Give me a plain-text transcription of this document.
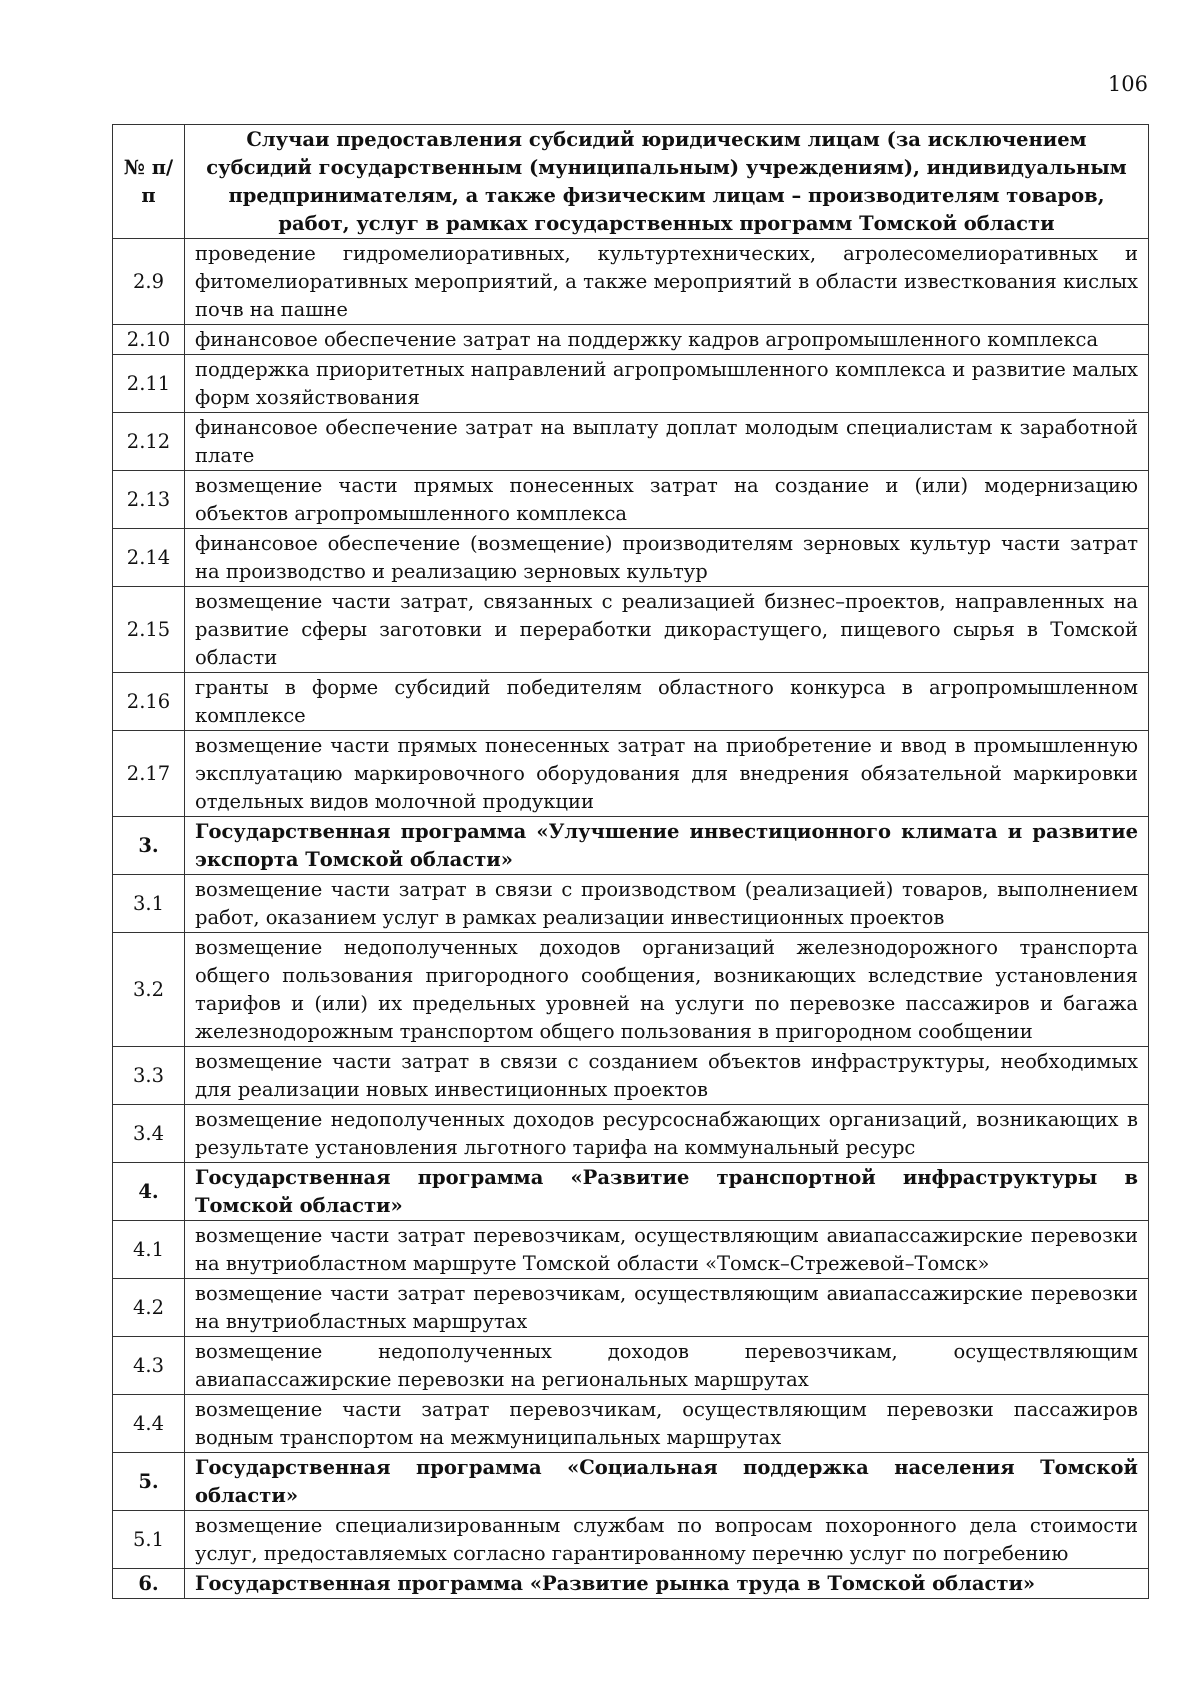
106
№ п/п	Случаи предоставления субсидий юридическим лицам (за исключением субсидий государственным (муниципальным) учреждениям), индивидуальным предпринимателям, а также физическим лицам – производителям товаров, работ, услуг в рамках государственных программ Томской области
2.9	проведение гидромелиоративных, культуртехнических, агролесомелиоративных и фитомелиоративных мероприятий, а также мероприятий в области известкования кислых почв на пашне
2.10	финансовое обеспечение затрат на поддержку кадров агропромышленного комплекса
2.11	поддержка приоритетных направлений агропромышленного комплекса и развитие малых форм хозяйствования
2.12	финансовое обеспечение затрат на выплату доплат молодым специалистам к заработной плате
2.13	возмещение части прямых понесенных затрат на создание и (или) модернизацию объектов агропромышленного комплекса
2.14	финансовое обеспечение (возмещение) производителям зерновых культур части затрат на производство и реализацию зерновых культур
2.15	возмещение части затрат, связанных с реализацией бизнес–проектов, направленных на развитие сферы заготовки и переработки дикорастущего, пищевого сырья в Томской области
2.16	гранты в форме субсидий победителям областного конкурса в агропромышленном комплексе
2.17	возмещение части прямых понесенных затрат на приобретение и ввод в промышленную эксплуатацию маркировочного оборудования для внедрения обязательной маркировки отдельных видов молочной продукции
3.	Государственная программа «Улучшение инвестиционного климата и развитие экспорта Томской области»
3.1	возмещение части затрат в связи с производством (реализацией) товаров, выполнением работ, оказанием услуг в рамках реализации инвестиционных проектов
3.2	возмещение недополученных доходов организаций железнодорожного транспорта общего пользования пригородного сообщения, возникающих вследствие установления тарифов и (или) их предельных уровней на услуги по перевозке пассажиров и багажа железнодорожным транспортом общего пользования в пригородном сообщении
3.3	возмещение части затрат в связи с созданием объектов инфраструктуры, необходимых для реализации новых инвестиционных проектов
3.4	возмещение недополученных доходов ресурсоснабжающих организаций, возникающих в результате установления льготного тарифа на коммунальный ресурс
4.	Государственная программа «Развитие транспортной инфраструктуры в Томской области»
4.1	возмещение части затрат перевозчикам, осуществляющим авиапассажирские перевозки на внутриобластном маршруте Томской области «Томск–Стрежевой–Томск»
4.2	возмещение части затрат перевозчикам, осуществляющим авиапассажирские перевозки на внутриобластных маршрутах
4.3	возмещение недополученных доходов перевозчикам, осуществляющим авиапассажирские перевозки на региональных маршрутах
4.4	возмещение части затрат перевозчикам, осуществляющим перевозки пассажиров водным транспортом на межмуниципальных маршрутах
5.	Государственная программа «Социальная поддержка населения Томской области»
5.1	возмещение специализированным службам по вопросам похоронного дела стоимости услуг, предоставляемых согласно гарантированному перечню услуг по погребению
6.	Государственная программа «Развитие рынка труда в Томской области»
